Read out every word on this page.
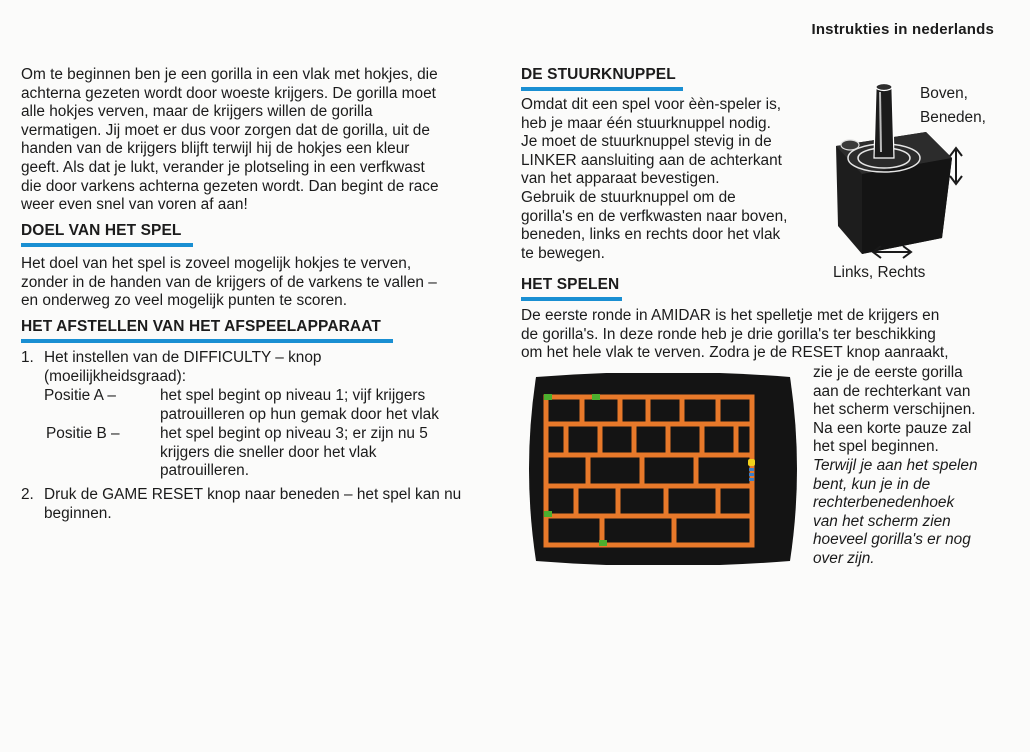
Instrukties in nederlands

Om te beginnen ben je een gorilla in een vlak met hokjes, die

achterna gezeten wordt door woeste krijgers. De gorilla moet

alle hokjes verven, maar de krijgers willen de gorilla

vermatigen. Jij moet er dus voor zorgen dat de gorilla, uit de

handen van de krijgers blijft terwijl hij de hokjes een kleur

geeft. Als dat je lukt, verander je plotseling in een verfkwast

die door varkens achterna gezeten wordt. Dan begint de race

weer even snel van voren af aan!

DOEL VAN HET SPEL

Het doel van het spel is zoveel mogelijk hokjes te verven,

zonder in de handen van de krijgers of de varkens te vallen –

en onderweg zo veel mogelijk punten te scoren.

HET AFSTELLEN VAN HET AFSPEELAPPARAAT
1. Het instellen van de DIFFICULTY – knop

(moeilijkheidsgraad):

Positie A –	het spel begint op niveau 1; vijf krijgers

patrouilleren op hun gemak door het vlak

Positie B –	het spel begint op niveau 3; er zijn nu 5

krijgers die sneller door het vlak

patrouilleren.

2. Druk de GAME RESET knop naar beneden – het spel kan nu

beginnen.

DE STUURKNUPPEL

Omdat dit een spel voor èèn-speler is,

heb je maar één stuurknuppel nodig.

Je moet de stuurknuppel stevig in de

LINKER aansluiting aan de achterkant

van het apparaat bevestigen.

Gebruik de stuurknuppel om de

gorilla's en de verfkwasten naar boven,

beneden, links en rechts door het vlak

te bewegen.

Boven,
Beneden,
Links, Rechts
HET SPELEN

De eerste ronde in AMIDAR is het spelletje met de krijgers en

de gorilla's. In deze ronde heb je drie gorilla's ter beschikking

om het hele vlak te verven. Zodra je de RESET knop aanraakt,

zie je de eerste gorilla

aan de rechterkant van

het scherm verschijnen.

Na een korte pauze zal

het spel beginnen.

Terwijl je aan het spelen

bent, kun je in de

rechterbenedenhoek

van het scherm zien

hoeveel gorilla's er nog

over zijn.
